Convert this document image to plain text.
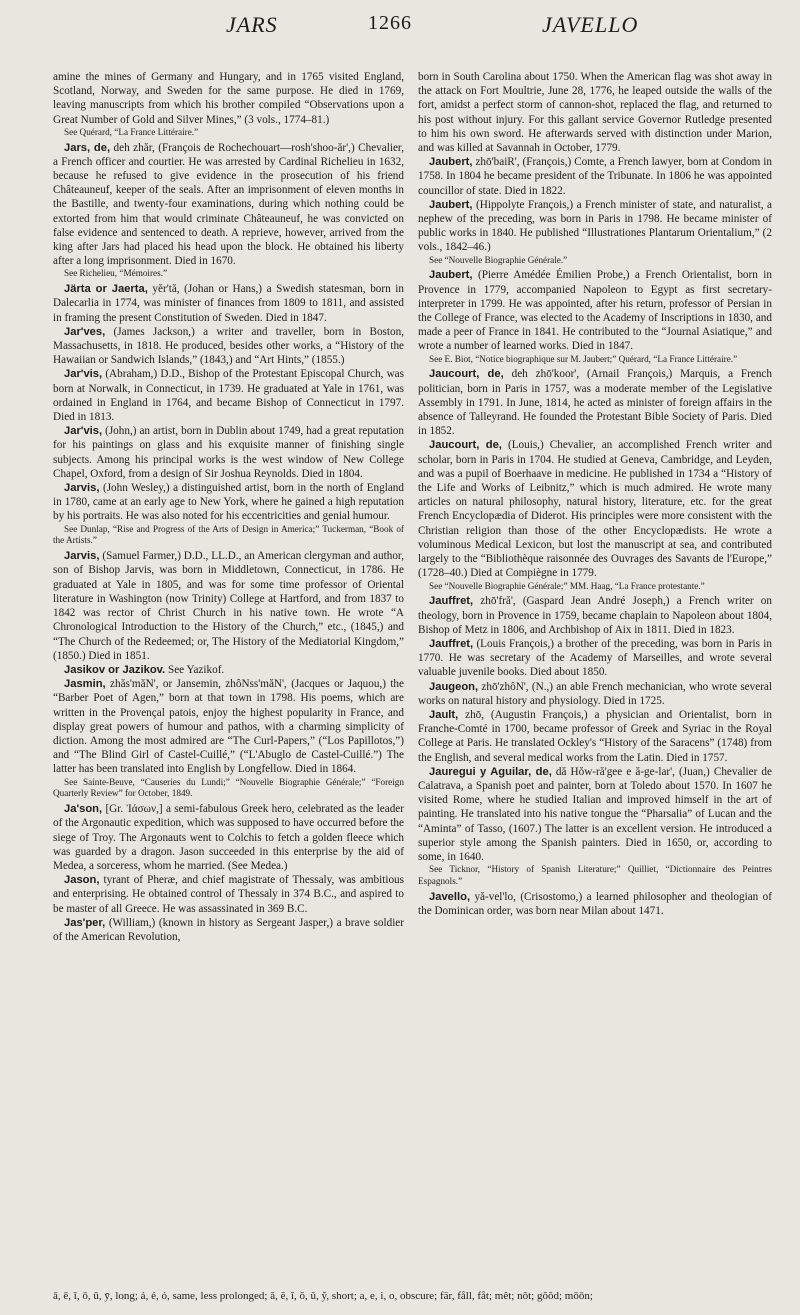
JARS	1266	JAVELLO

amine the mines of Germany and Hungary, and in 1765 visited England, Scotland, Norway, and Sweden for the same purpose. He died in 1769, leaving manuscripts from which his brother compiled “Observations upon a Great Number of Gold and Silver Mines,” (3 vols., 1774–81.)

See Quérard, “La France Littéraire.”

Jars, de, deh zhăr, (François de Rochechouart—rosh'shoo-ăr',) Chevalier, a French officer and courtier. He was arrested by Cardinal Richelieu in 1632, because he refused to give evidence in the prosecution of his friend Châteauneuf, keeper of the seals. After an imprisonment of eleven months in the Bastille, and twenty-four examinations, during which nothing could be extorted from him that would criminate Châteauneuf, he was convicted on false evidence and sentenced to death. A reprieve, however, arrived from the king after Jars had placed his head upon the block. He obtained his liberty after a long imprisonment. Died in 1670.

See Richelieu, “Mémoires.”

Järta or Jaerta, yĕr'tă, (Johan or Hans,) a Swedish statesman, born in Dalecarlia in 1774, was minister of finances from 1809 to 1811, and assisted in framing the present Constitution of Sweden. Died in 1847.

Jar'ves, (James Jackson,) a writer and traveller, born in Boston, Massachusetts, in 1818. He produced, besides other works, a “History of the Hawaiian or Sandwich Islands,” (1843,) and “Art Hints,” (1855.)

Jar'vis, (Abraham,) D.D., Bishop of the Protestant Episcopal Church, was born at Norwalk, in Connecticut, in 1739. He graduated at Yale in 1761, was ordained in England in 1764, and became Bishop of Connecticut in 1797. Died in 1813.

Jar'vis, (John,) an artist, born in Dublin about 1749, had a great reputation for his paintings on glass and his exquisite manner of finishing single subjects. Among his principal works is the west window of New College Chapel, Oxford, from a design of Sir Joshua Reynolds. Died in 1804.

Jarvis, (John Wesley,) a distinguished artist, born in the north of England in 1780, came at an early age to New York, where he gained a high reputation by his portraits. He was also noted for his eccentricities and genial humour.

See Dunlap, “Rise and Progress of the Arts of Design in America;” Tuckerman, “Book of the Artists.”

Jarvis, (Samuel Farmer,) D.D., LL.D., an American clergyman and author, son of Bishop Jarvis, was born in Middletown, Connecticut, in 1786. He graduated at Yale in 1805, and was for some time professor of Oriental literature in Washington (now Trinity) College at Hartford, and from 1837 to 1842 was rector of Christ Church in his native town. He wrote “A Chronological Introduction to the History of the Church,” etc., (1845,) and “The Church of the Redeemed; or, The History of the Mediatorial Kingdom,” (1850.) Died in 1851.

Jasikov or Jazikov. See Yazikof.

Jasmin, zhăs'măN', or Jansemin, zhôNss'măN', (Jacques or Jaquou,) the “Barber Poet of Agen,” born at that town in 1798. His poems, which are written in the Provençal patois, enjoy the highest popularity in France, and display great powers of humour and pathos, with a charming simplicity of diction. Among the most admired are “The Curl-Papers,” (“Los Papillotos,”) and “The Blind Girl of Castel-Cuillé,” (“L'Abuglo de Castel-Cuillé.”) The latter has been translated into English by Longfellow. Died in 1864.

See Sainte-Beuve, “Causeries du Lundi;” “Nouvelle Biographie Générale;” “Foreign Quarterly Review” for October, 1849.

Ja'son, [Gr. Ἰάσων,] a semi-fabulous Greek hero, celebrated as the leader of the Argonautic expedition, which was supposed to have occurred before the siege of Troy. The Argonauts went to Colchis to fetch a golden fleece which was guarded by a dragon. Jason succeeded in this enterprise by the aid of Medea, a sorceress, whom he married. (See Medea.)

Jason, tyrant of Pheræ, and chief magistrate of Thessaly, was ambitious and enterprising. He obtained control of Thessaly in 374 B.C., and aspired to be master of all Greece. He was assassinated in 369 B.C.

Jas'per, (William,) (known in history as Sergeant Jasper,) a brave soldier of the American Revolution,

born in South Carolina about 1750. When the American flag was shot away in the attack on Fort Moultrie, June 28, 1776, he leaped outside the walls of the fort, amidst a perfect storm of cannon-shot, replaced the flag, and returned to his post without injury. For this gallant service Governor Rutledge presented to him his own sword. He afterwards served with distinction under Marion, and was killed at Savannah in October, 1779.

Jaubert, zhō'baiR', (François,) Comte, a French lawyer, born at Condom in 1758. In 1804 he became president of the Tribunate. In 1806 he was appointed councillor of state. Died in 1822.

Jaubert, (Hippolyte François,) a French minister of state, and naturalist, a nephew of the preceding, was born in Paris in 1798. He became minister of public works in 1840. He published “Illustrationes Plantarum Orientalium,” (2 vols., 1842–46.)

See “Nouvelle Biographie Générale.”

Jaubert, (Pierre Amédée Émilien Probe,) a French Orientalist, born in Provence in 1779, accompanied Napoleon to Egypt as first secretary-interpreter in 1799. He was appointed, after his return, professor of Persian in the College of France, was elected to the Academy of Inscriptions in 1830, and made a peer of France in 1841. He contributed to the “Journal Asiatique,” and wrote a number of learned works. Died in 1847.

See E. Biot, “Notice biographique sur M. Jaubert;” Quérard, “La France Littéraire.”

Jaucourt, de, deh zhō'koor', (Arnail François,) Marquis, a French politician, born in Paris in 1757, was a moderate member of the Legislative Assembly in 1791. In June, 1814, he acted as minister of foreign affairs in the absence of Talleyrand. He founded the Protestant Bible Society of Paris. Died in 1852.

Jaucourt, de, (Louis,) Chevalier, an accomplished French writer and scholar, born in Paris in 1704. He studied at Geneva, Cambridge, and Leyden, and was a pupil of Boerhaave in medicine. He published in 1734 a “History of the Life and Works of Leibnitz,” which is much admired. He wrote many articles on natural philosophy, natural history, literature, etc. for the great French Encyclopædia of Diderot. His principles were more consistent with the Christian religion than those of the other Encyclopædists. He wrote a voluminous Medical Lexicon, but lost the manuscript at sea, and contributed largely to the “Bibliothèque raisonnée des Ouvrages des Savants de l'Europe,” (1728–40.) Died at Compiègne in 1779.

See “Nouvelle Biographie Générale;” MM. Haag, “La France protestante.”

Jauffret, zhō'fră', (Gaspard Jean André Joseph,) a French writer on theology, born in Provence in 1759, became chaplain to Napoleon about 1804, Bishop of Metz in 1806, and Archbishop of Aix in 1811. Died in 1823.

Jauffret, (Louis François,) a brother of the preceding, was born in Paris in 1770. He was secretary of the Academy of Marseilles, and wrote several valuable juvenile books. Died about 1850.

Jaugeon, zhō'zhôN', (N.,) an able French mechanician, who wrote several works on natural history and physiology. Died in 1725.

Jault, zhō, (Augustin François,) a physician and Orientalist, born in Franche-Comté in 1700, became professor of Greek and Syriac in the Royal College at Paris. He translated Ockley's “History of the Saracens” (1748) from the English, and several medical works from the Latin. Died in 1757.

Jauregui y Aguilar, de, dă Hŏw-ră'gee e ă-ge-lar', (Juan,) Chevalier de Calatrava, a Spanish poet and painter, born at Toledo about 1570. In 1607 he visited Rome, where he studied Italian and improved himself in the art of painting. He translated into his native tongue the “Pharsalia” of Lucan and the “Aminta” of Tasso, (1607.) The latter is an excellent version. He introduced a superior style among the Spanish painters. Died in 1650, or, according to some, in 1640.

See Ticknor, “History of Spanish Literature;” Quilliet, “Dictionnaire des Peintres Espagnols.”

Javello, yă-vel'lo, (Crisostomo,) a learned philosopher and theologian of the Dominican order, was born near Milan about 1471.

ā, ē, ī, ō, ū, ȳ, long; ả, ẻ, ỏ, same, less prolonged; ă, ĕ, ĭ, ŏ, ŭ, y̆, short; a, e, i, o, obscure; fär, fåll, fåt; mêt; nôt; gŏŏd; mōōn;
